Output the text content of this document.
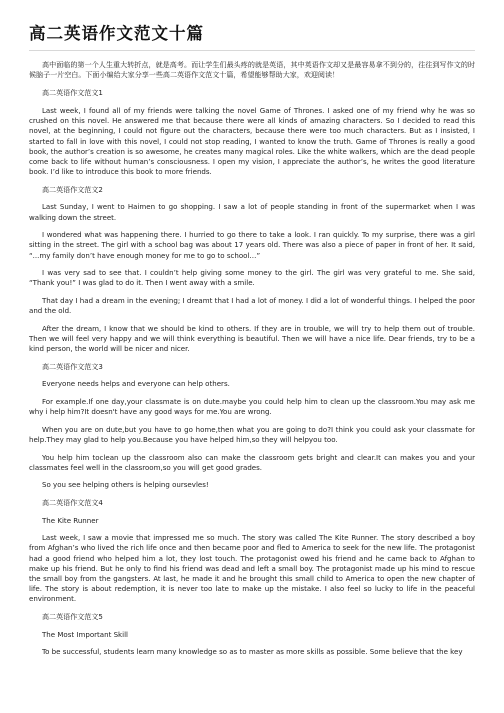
高二英语作文范文十篇

高中面临的第一个人生重大转折点，就是高考。而让学生们最头疼的就是英语，其中英语作文却又是最容易拿不到分的，往往到写作文的时候脑子一片空白。下面小编给大家分享一些高二英语作文范文十篇，希望能够帮助大家，欢迎阅读！

高二英语作文范文1

Last week, I found all of my friends were talking the novel Game of Thrones. I asked one of my friend why he was so crushed on this novel. He answered me that because there were all kinds of amazing characters. So I decided to read this novel, at the beginning, I could not figure out the characters, because there were too much characters. But as I insisted, I started to fall in love with this novel, I could not stop reading, I wanted to know the truth. Game of Thrones is really a good book, the author’s creation is so awesome, he creates many magical roles. Like the white walkers, which are the dead people come back to life without human’s consciousness. I open my vision, I appreciate the author’s, he writes the good literature book. I’d like to introduce this book to more friends.

高二英语作文范文2

Last Sunday, I went to Haimen to go shopping. I saw a lot of people standing in front of the supermarket when I was walking down the street.

I wondered what was happening there. I hurried to go there to take a look. I ran quickly. To my surprise, there was a girl sitting in the street. The girl with a school bag was about 17 years old. There was also a piece of paper in front of her. It said, “...my family don’t have enough money for me to go to school…”

I was very sad to see that. I couldn’t help giving some money to the girl. The girl was very grateful to me. She said, “Thank you!” I was glad to do it. Then I went away with a smile.

That day I had a dream in the evening; I dreamt that I had a lot of money. I did a lot of wonderful things. I helped the poor and the old.

After the dream, I know that we should be kind to others. If they are in trouble, we will try to help them out of trouble. Then we will feel very happy and we will think everything is beautiful. Then we will have a nice life. Dear friends, try to be a kind person, the world will be nicer and nicer.

高二英语作文范文3

Everyone needs helps and everyone can help others.

For example.If one day,your classmate is on dute.maybe you could help him to clean up the classroom.You may ask me why i help him?It doesn't have any good ways for me.You are wrong.

When you are on dute,but you have to go home,then what you are going to do?I think you could ask your classmate for help.They may glad to help you.Because you have helped him,so they will helpyou too.

You help him toclean up the classroom also can make the classroom gets bright and clear.It can makes you and your classmates feel well in the classroom,so you will get good grades.

So you see helping others is helping oursevles!

高二英语作文范文4

The Kite Runner

Last week, I saw a movie that impressed me so much. The story was called The Kite Runner. The story described a boy from Afghan’s who lived the rich life once and then became poor and fled to America to seek for the new life. The protagonist had a good friend who helped him a lot, they lost touch. The protagonist owed his friend and he came back to Afghan to make up his friend. But he only to find his friend was dead and left a small boy. The protagonist made up his mind to rescue the small boy from the gangsters. At last, he made it and he brought this small child to America to open the new chapter of life. The story is about redemption, it is never too late to make up the mistake. I also feel so lucky to life in the peaceful environment.

高二英语作文范文5

The Most Important Skill

To be successful, students learn many knowledge so as to master as more skills as possible. Some believe that the key
